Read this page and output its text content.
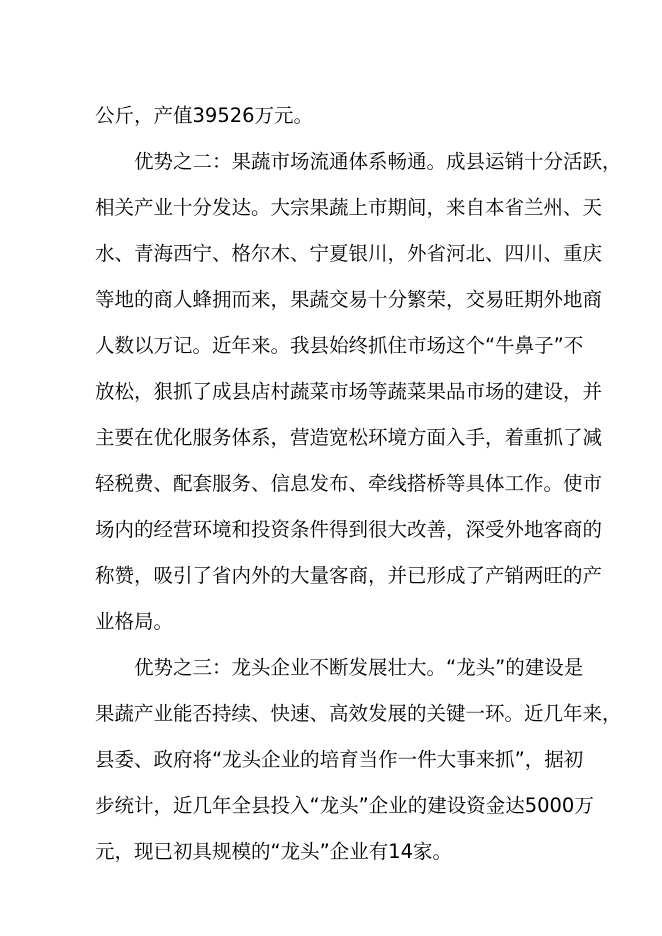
公斤，产值39526万元。
优势之二：果蔬市场流通体系畅通。成县运销十分活跃，
相关产业十分发达。大宗果蔬上市期间，来自本省兰州、天
水、青海西宁、格尔木、宁夏银川，外省河北、四川、重庆
等地的商人蜂拥而来，果蔬交易十分繁荣，交易旺期外地商
人数以万记。近年来。我县始终抓住市场这个“牛鼻子”不
放松，狠抓了成县店村蔬菜市场等蔬菜果品市场的建设，并
主要在优化服务体系，营造宽松环境方面入手，着重抓了减
轻税费、配套服务、信息发布、牵线搭桥等具体工作。使市
场内的经营环境和投资条件得到很大改善，深受外地客商的
称赞，吸引了省内外的大量客商，并已形成了产销两旺的产
业格局。
优势之三：龙头企业不断发展壮大。“龙头”的建设是
果蔬产业能否持续、快速、高效发展的关键一环。近几年来，
县委、政府将“龙头企业的培育当作一件大事来抓”，据初
步统计，近几年全县投入“龙头”企业的建设资金达5000万
元，现已初具规模的“龙头”企业有14家。
